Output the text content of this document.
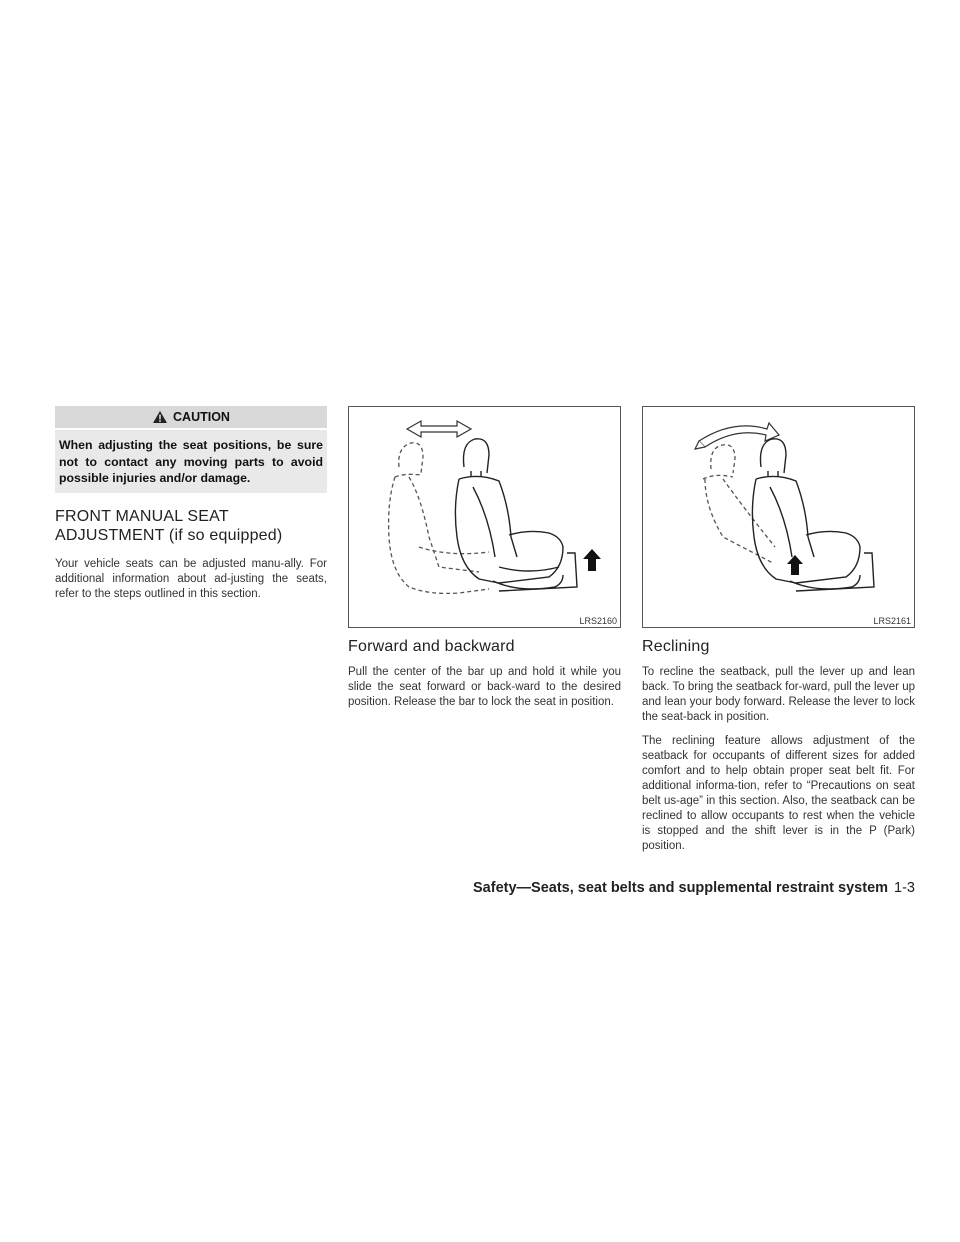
CAUTION
When adjusting the seat positions, be sure not to contact any moving parts to avoid possible injuries and/or damage.
FRONT MANUAL SEAT
ADJUSTMENT (if so equipped)

Your vehicle seats can be adjusted manu-ally. For additional information about ad-justing the seats, refer to the steps outlined in this section.

LRS2160
Forward and backward

Pull the center of the bar up and hold it while you slide the seat forward or back-ward to the desired position. Release the bar to lock the seat in position.

LRS2161
Reclining

To recline the seatback, pull the lever up and lean back. To bring the seatback for-ward, pull the lever up and lean your body forward. Release the lever to lock the seat-back in position.

The reclining feature allows adjustment of the seatback for occupants of different sizes for added comfort and to help obtain proper seat belt fit. For additional informa-tion, refer to “Precautions on seat belt us-age” in this section. Also, the seatback can be reclined to allow occupants to rest when the vehicle is stopped and the shift lever is in the P (Park) position.

Safety—Seats, seat belts and supplemental restraint system 1-3
